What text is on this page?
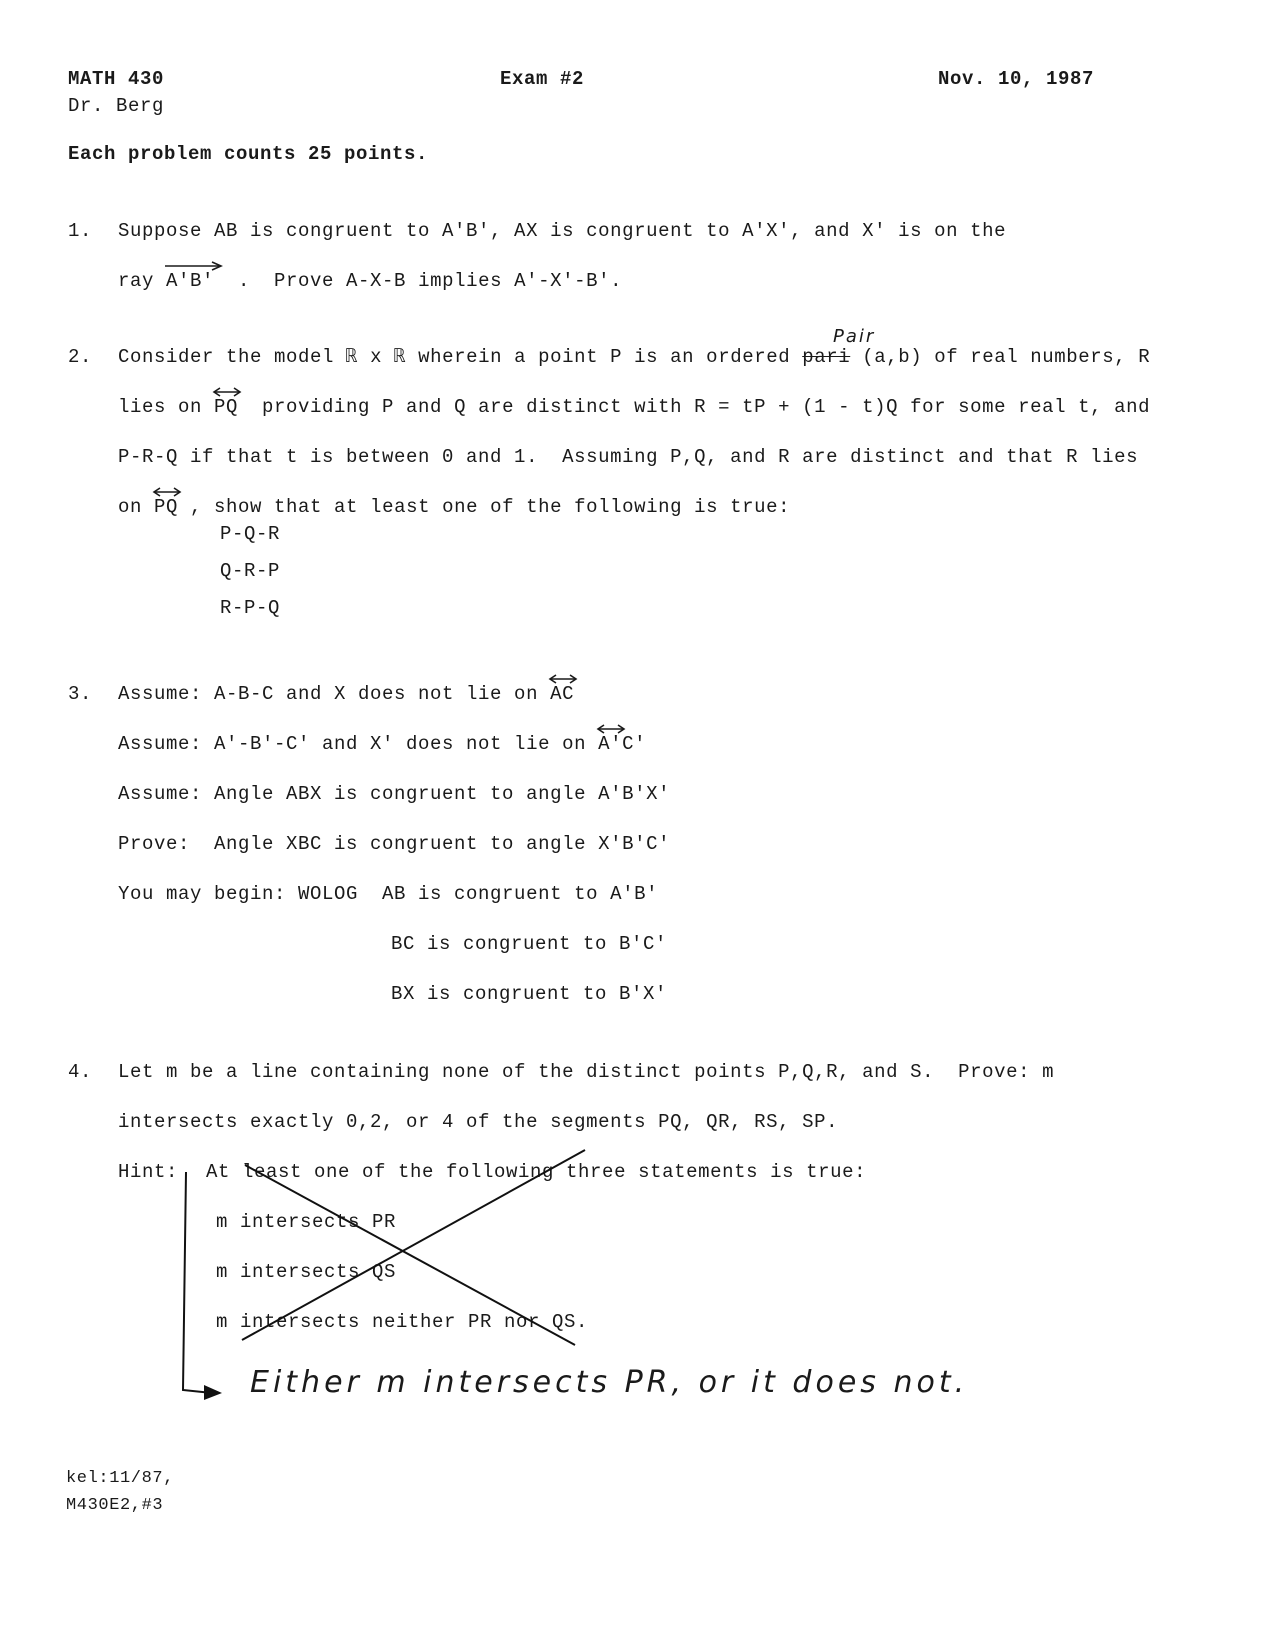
MATH 430	Exam #2	Nov. 10, 1987
Dr. Berg
Each problem counts 25 points.
1. Suppose AB is congruent to A'B', AX is congruent to A'X', and X' is on the
ray
A'B'  .  Prove A-X-B implies A'-X'-B'.
Pair
2. Consider the model ℝ x ℝ wherein a point P is an ordered pari (a,b) of real numbers, R
lies on
PQ  providing P and Q are distinct with R = tP + (1 - t)Q for some real t, and
P-R-Q if that t is between 0 and 1.  Assuming P,Q, and R are distinct and that R lies
on
PQ , show that at least one of the following is true:
P-Q-R
Q-R-P
R-P-Q
3. Assume: A-B-C and X does not lie on
AC
Assume: A'-B'-C' and X' does not lie on
A'C'
Assume: Angle ABX is congruent to angle A'B'X'
Prove:  Angle XBC is congruent to angle X'B'C'
You may begin: WOLOG  AB is congruent to A'B'
BC is congruent to B'C'
BX is congruent to B'X'
4. Let m be a line containing none of the distinct points P,Q,R, and S.  Prove: m
intersects exactly 0,2, or 4 of the segments PQ, QR, RS, SP.
Hint: At least one of the following three statements is true:
m intersects PR
m intersects QS
m intersects neither PR nor QS.
Either m intersects PR, or it does not.
kel:11/87,
M430E2,#3
